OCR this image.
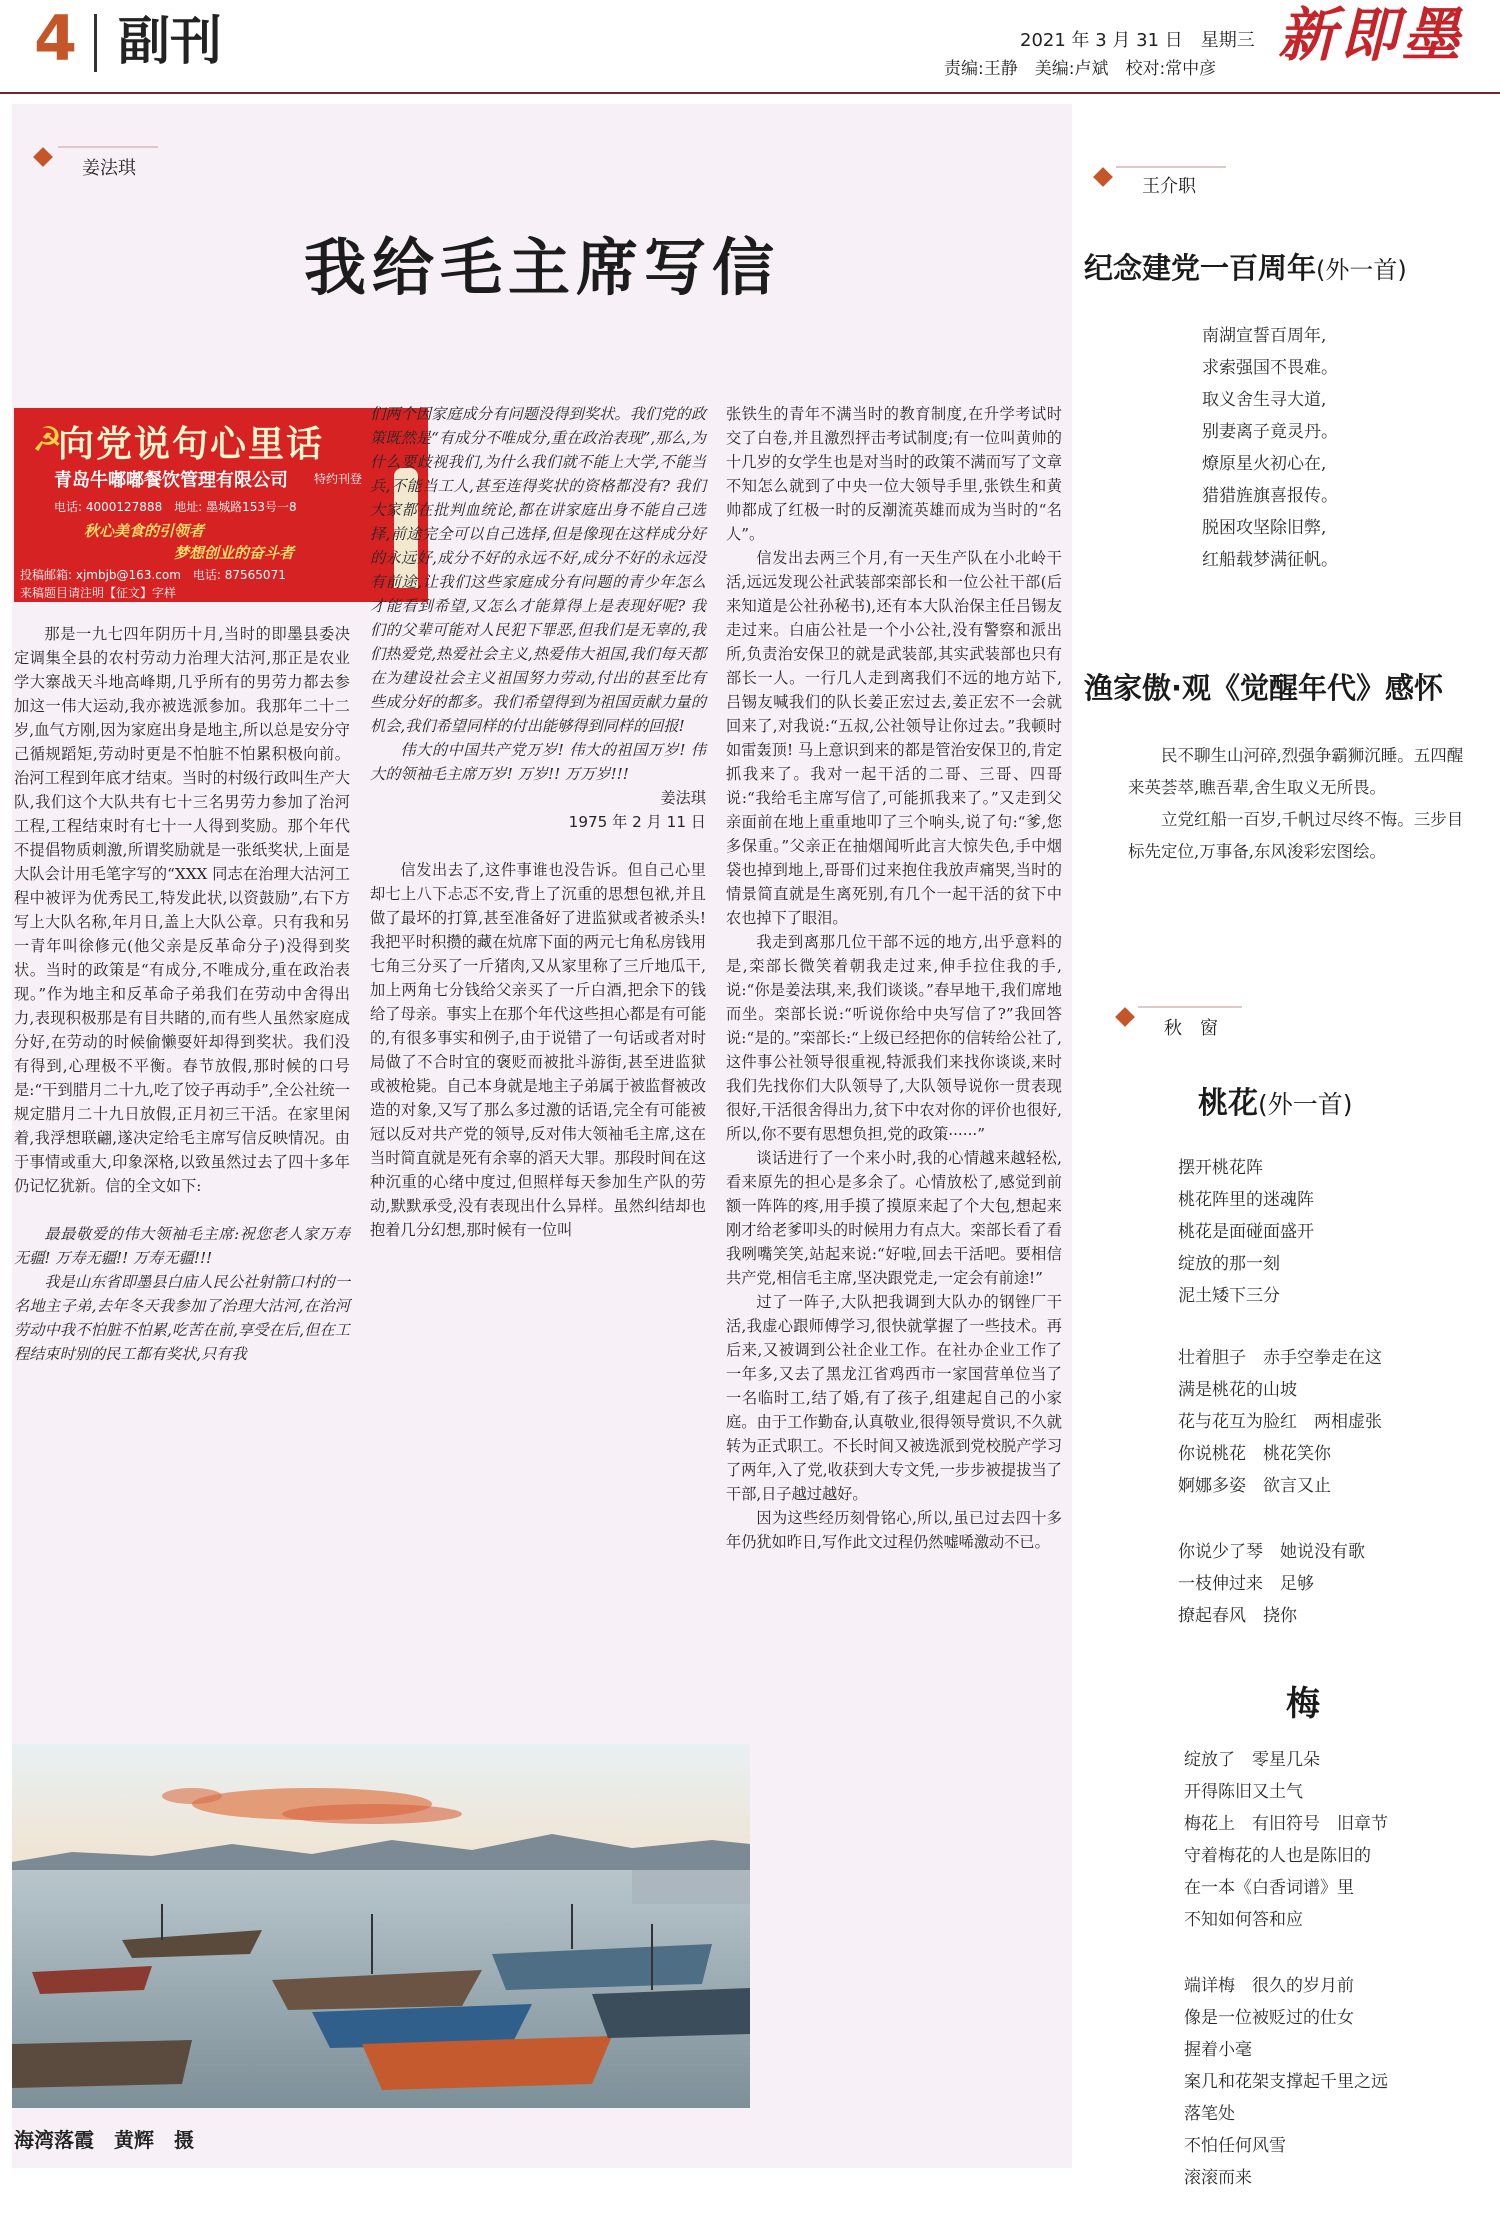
4 副刊	2021 年 3 月 31 日　星期三
责编:王静　美编:卢斌　校对:常中彦 新即墨
姜法琪
我给毛主席写信
☭
向党说句心里话
青岛牛嘟嘟餐饮管理有限公司 特约刊登
电话: 4000127888　地址: 墨城路153号一8
秋心美食的引领者
梦想创业的奋斗者
投稿邮箱: xjmbjb@163.com　电话: 87565071
来稿题目请注明【征文】字样

那是一九七四年阴历十月,当时的即墨县委决定调集全县的农村劳动力治理大沽河,那正是农业学大寨战天斗地高峰期,几乎所有的男劳力都去参加这一伟大运动,我亦被选派参加。我那年二十二岁,血气方刚,因为家庭出身是地主,所以总是安分守己循规蹈矩,劳动时更是不怕脏不怕累积极向前。治河工程到年底才结束。当时的村级行政叫生产大队,我们这个大队共有七十三名男劳力参加了治河工程,工程结束时有七十一人得到奖励。那个年代不提倡物质刺激,所谓奖励就是一张纸奖状,上面是大队会计用毛笔字写的“XXX 同志在治理大沽河工程中被评为优秀民工,特发此状,以资鼓励”,右下方写上大队名称,年月日,盖上大队公章。只有我和另一青年叫徐修元(他父亲是反革命分子)没得到奖状。当时的政策是“有成分,不唯成分,重在政治表现。”作为地主和反革命子弟我们在劳动中舍得出力,表现积极那是有目共睹的,而有些人虽然家庭成分好,在劳动的时候偷懒耍奸却得到奖状。我们没有得到,心理极不平衡。春节放假,那时候的口号是:“干到腊月二十九,吃了饺子再动手”,全公社统一规定腊月二十九日放假,正月初三干活。在家里闲着,我浮想联翩,遂决定给毛主席写信反映情况。由于事情或重大,印象深格,以致虽然过去了四十多年仍记忆犹新。信的全文如下:

最最敬爱的伟大领袖毛主席:祝您老人家万寿无疆! 万寿无疆!! 万寿无疆!!!

我是山东省即墨县白庙人民公社射箭口村的一名地主子弟,去年冬天我参加了治理大沽河,在治河劳动中我不怕脏不怕累,吃苦在前,享受在后,但在工程结束时别的民工都有奖状,只有我

们两个因家庭成分有问题没得到奖状。我们党的政策既然是“有成分不唯成分,重在政治表现”,那么,为什么要歧视我们,为什么我们就不能上大学,不能当兵,不能当工人,甚至连得奖状的资格都没有? 我们大家都在批判血统论,都在讲家庭出身不能自己选择,前途完全可以自己选择,但是像现在这样成分好的永远好,成分不好的永远不好,成分不好的永远没有前途,让我们这些家庭成分有问题的青少年怎么才能看到希望,又怎么才能算得上是表现好呢? 我们的父辈可能对人民犯下罪恶,但我们是无辜的,我们热爱党,热爱社会主义,热爱伟大祖国,我们每天都在为建设社会主义祖国努力劳动,付出的甚至比有些成分好的都多。我们希望得到为祖国贡献力量的机会,我们希望同样的付出能够得到同样的回报!

伟大的中国共产党万岁! 伟大的祖国万岁! 伟大的领袖毛主席万岁! 万岁!! 万万岁!!!

姜法琪

1975 年 2 月 11 日

信发出去了,这件事谁也没告诉。但自己心里却七上八下忐忑不安,背上了沉重的思想包袱,并且做了最坏的打算,甚至准备好了进监狱或者被杀头! 我把平时积攒的藏在炕席下面的两元七角私房钱用七角三分买了一斤猪肉,又从家里称了三斤地瓜干,加上两角七分钱给父亲买了一斤白酒,把余下的钱给了母亲。事实上在那个年代这些担心都是有可能的,有很多事实和例子,由于说错了一句话或者对时局做了不合时宜的褒贬而被批斗游街,甚至进监狱或被枪毙。自己本身就是地主子弟属于被监督被改造的对象,又写了那么多过激的话语,完全有可能被冠以反对共产党的领导,反对伟大领袖毛主席,这在当时简直就是死有余辜的滔天大罪。那段时间在这种沉重的心绪中度过,但照样每天参加生产队的劳动,默默承受,没有表现出什么异样。虽然纠结却也抱着几分幻想,那时候有一位叫

张铁生的青年不满当时的教育制度,在升学考试时交了白卷,并且激烈抨击考试制度;有一位叫黄帅的十几岁的女学生也是对当时的政策不满而写了文章不知怎么就到了中央一位大领导手里,张铁生和黄帅都成了红极一时的反潮流英雄而成为当时的“名人”。

信发出去两三个月,有一天生产队在小北岭干活,远远发现公社武装部栾部长和一位公社干部(后来知道是公社孙秘书),还有本大队治保主任吕锡友走过来。白庙公社是一个小公社,没有警察和派出所,负责治安保卫的就是武装部,其实武装部也只有部长一人。一行几人走到离我们不远的地方站下,吕锡友喊我们的队长姜正宏过去,姜正宏不一会就回来了,对我说:“五叔,公社领导让你过去。”我顿时如雷轰顶! 马上意识到来的都是管治安保卫的,肯定抓我来了。我对一起干活的二哥、三哥、四哥说:“我给毛主席写信了,可能抓我来了。”又走到父亲面前在地上重重地叩了三个响头,说了句:“爹,您多保重。”父亲正在抽烟闻听此言大惊失色,手中烟袋也掉到地上,哥哥们过来抱住我放声痛哭,当时的情景简直就是生离死别,有几个一起干活的贫下中农也掉下了眼泪。

我走到离那几位干部不远的地方,出乎意料的是,栾部长微笑着朝我走过来,伸手拉住我的手,说:“你是姜法琪,来,我们谈谈。”春早地干,我们席地而坐。栾部长说:“听说你给中央写信了?”我回答说:“是的。”栾部长:“上级已经把你的信转给公社了,这件事公社领导很重视,特派我们来找你谈谈,来时我们先找你们大队领导了,大队领导说你一贯表现很好,干活很舍得出力,贫下中农对你的评价也很好,所以,你不要有思想负担,党的政策······”

谈话进行了一个来小时,我的心情越来越轻松,看来原先的担心是多余了。心情放松了,感觉到前额一阵阵的疼,用手摸了摸原来起了个大包,想起来刚才给老爹叩头的时候用力有点大。栾部长看了看我咧嘴笑笑,站起来说:“好啦,回去干活吧。要相信共产党,相信毛主席,坚决跟党走,一定会有前途!”

过了一阵子,大队把我调到大队办的钢锉厂干活,我虚心跟师傅学习,很快就掌握了一些技术。再后来,又被调到公社企业工作。在社办企业工作了一年多,又去了黑龙江省鸡西市一家国营单位当了一名临时工,结了婚,有了孩子,组建起自己的小家庭。由于工作勤奋,认真敬业,很得领导赏识,不久就转为正式职工。不长时间又被选派到党校脱产学习了两年,入了党,收获到大专文凭,一步步被提拔当了干部,日子越过越好。

因为这些经历刻骨铭心,所以,虽已过去四十多年仍犹如昨日,写作此文过程仍然嘘唏激动不已。

海湾落霞　黄辉　摄
王介职
纪念建党一百周年(外一首)
南湖宣誓百周年,
求索强国不畏难。
取义舍生寻大道,
别妻离子竟灵丹。
燎原星火初心在,
猎猎旌旗喜报传。
脱困攻坚除旧弊,
红船载梦满征帆。
渔家傲·观《觉醒年代》感怀

民不聊生山河碎,烈强争霸狮沉睡。五四醒来英荟萃,瞧吾辈,舍生取义无所畏。

立党红船一百岁,千帆过尽终不悔。三步目标先定位,万事备,东风浚彩宏图绘。

秋　窗
桃花(外一首)
摆开桃花阵
桃花阵里的迷魂阵
桃花是面碰面盛开
绽放的那一刻
泥土矮下三分
壮着胆子　赤手空拳走在这
满是桃花的山坡
花与花互为脸红　两相虚张
你说桃花　桃花笑你
婀娜多姿　欲言又止
你说少了琴　她说没有歌
一枝伸过来　足够
撩起春风　挠你
梅
绽放了　零星几朵
开得陈旧又土气
梅花上　有旧符号　旧章节
守着梅花的人也是陈旧的
在一本《白香词谱》里
不知如何答和应
端详梅　很久的岁月前
像是一位被贬过的仕女
握着小毫
案几和花架支撑起千里之远
落笔处
不怕任何风雪
滚滚而来
